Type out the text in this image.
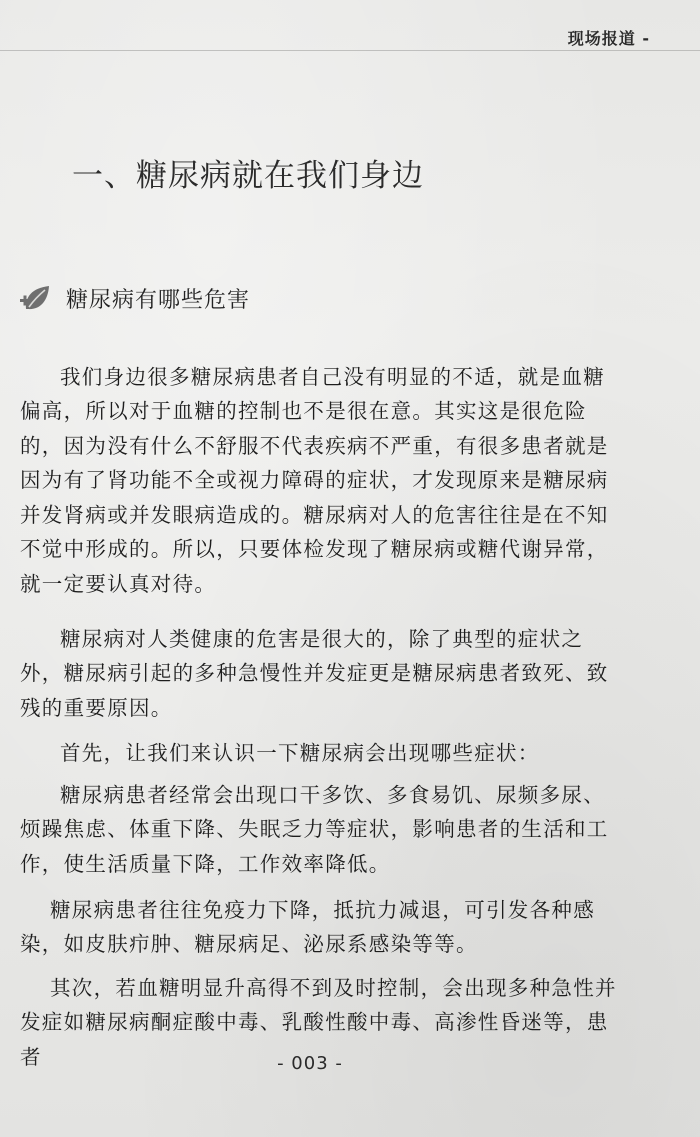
现场报道 -
一、糖尿病就在我们身边
糖尿病有哪些危害

我们身边很多糖尿病患者自己没有明显的不适，就是血糖偏高，所以对于血糖的控制也不是很在意。其实这是很危险的，因为没有什么不舒服不代表疾病不严重，有很多患者就是因为有了肾功能不全或视力障碍的症状，才发现原来是糖尿病并发肾病或并发眼病造成的。糖尿病对人的危害往往是在不知不觉中形成的。所以，只要体检发现了糖尿病或糖代谢异常，就一定要认真对待。

糖尿病对人类健康的危害是很大的，除了典型的症状之外，糖尿病引起的多种急慢性并发症更是糖尿病患者致死、致残的重要原因。

首先，让我们来认识一下糖尿病会出现哪些症状：

糖尿病患者经常会出现口干多饮、多食易饥、尿频多尿、烦躁焦虑、体重下降、失眠乏力等症状，影响患者的生活和工作，使生活质量下降，工作效率降低。

糖尿病患者往往免疫力下降，抵抗力减退，可引发各种感染，如皮肤疖肿、糖尿病足、泌尿系感染等等。

其次，若血糖明显升高得不到及时控制，会出现多种急性并发症如糖尿病酮症酸中毒、乳酸性酸中毒、高渗性昏迷等，患者	- 003 -
